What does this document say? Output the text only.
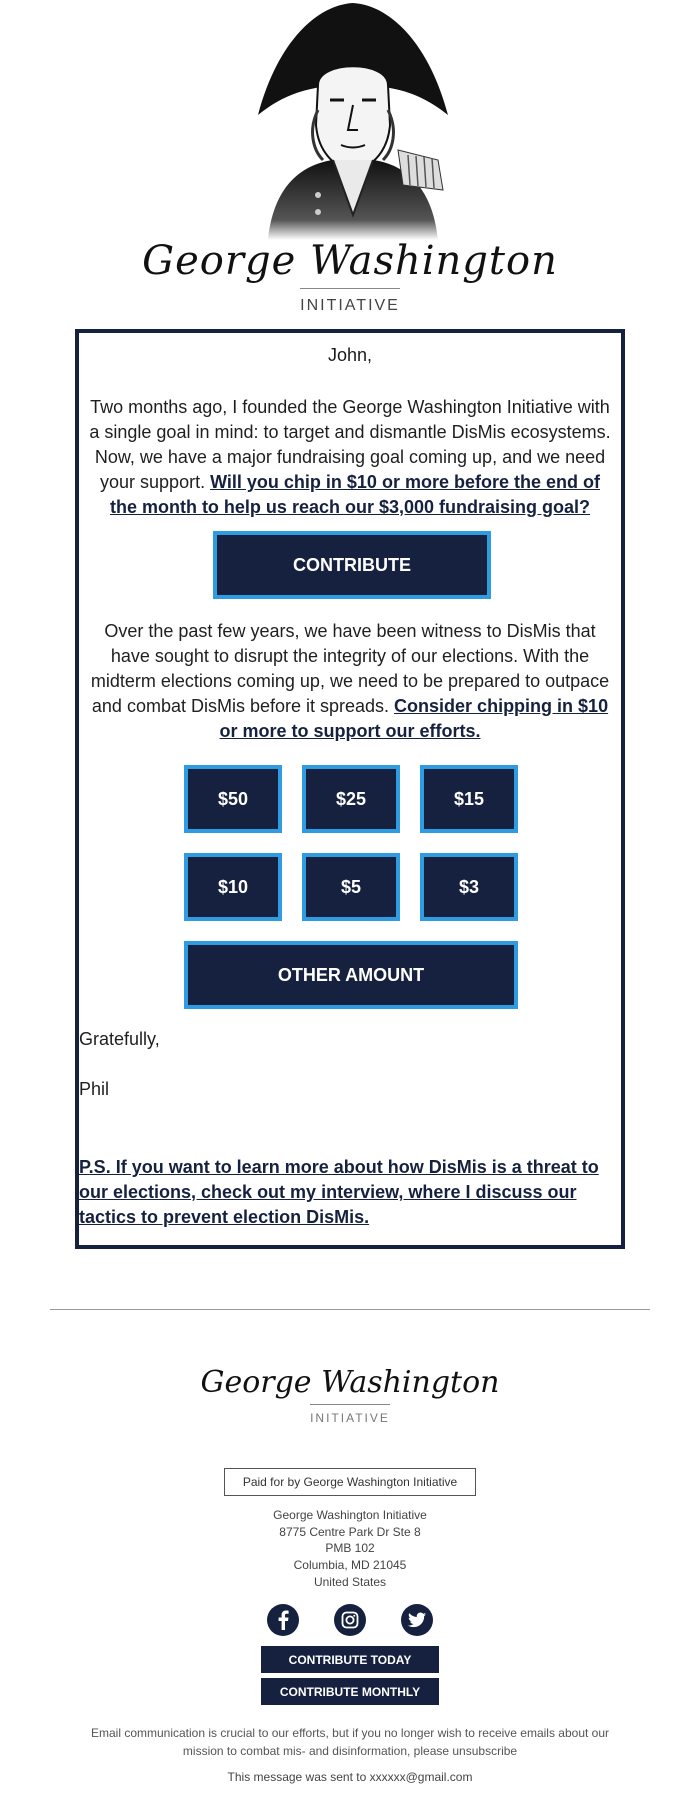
George Washington
INITIATIVE
John,
Two months ago, I founded the George Washington Initiative with a single goal in mind: to target and dismantle DisMis ecosystems. Now, we have a major fundraising goal coming up, and we need your support. Will you chip in $10 or more before the end of the month to help us reach our $3,000 fundraising goal?
CONTRIBUTE
Over the past few years, we have been witness to DisMis that have sought to disrupt the integrity of our elections. With the midterm elections coming up, we need to be prepared to outpace and combat DisMis before it spreads. Consider chipping in $10 or more to support our efforts.
$50	$25	$15
$10	$5	$3
OTHER AMOUNT
Gratefully,
Phil
P.S. If you want to learn more about how DisMis is a threat to our elections, check out my interview, where I discuss our tactics to prevent election DisMis.
George Washington
INITIATIVE
Paid for by George Washington Initiative
George Washington Initiative
8775 Centre Park Dr Ste 8
PMB 102
Columbia, MD 21045
United States
CONTRIBUTE TODAY
CONTRIBUTE MONTHLY
Email communication is crucial to our efforts, but if you no longer wish to receive emails about our mission to combat mis- and disinformation, please unsubscribe
This message was sent to xxxxxx@gmail.com
